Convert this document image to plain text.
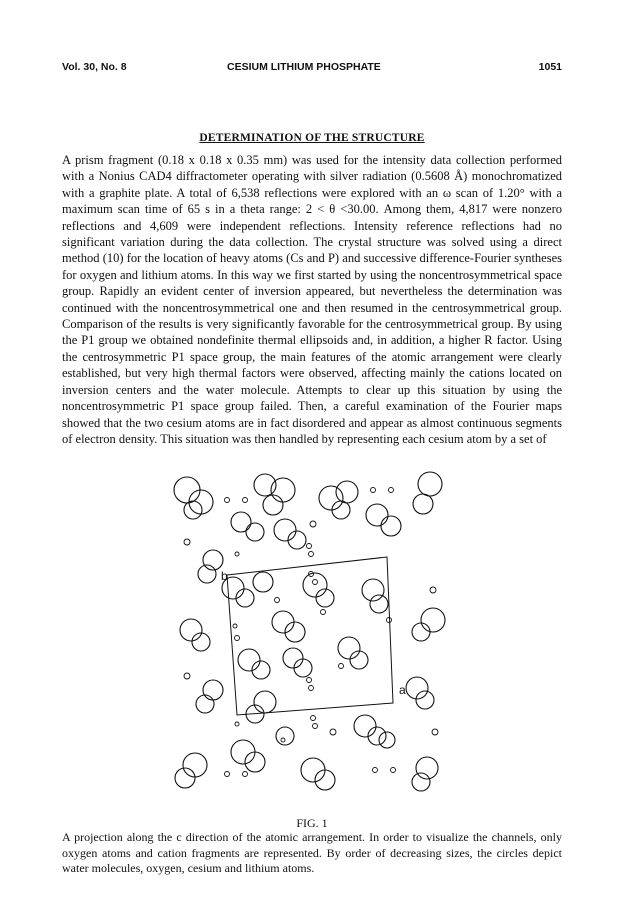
Vol. 30, No. 8	CESIUM LITHIUM PHOSPHATE	1051
DETERMINATION OF THE STRUCTURE

A prism fragment (0.18 x 0.18 x 0.35 mm) was used for the intensity data collection performed with a Nonius CAD4 diffractometer operating with silver radiation (0.5608 Å) monochromatized with a graphite plate. A total of 6,538 reflections were explored with an ω scan of 1.20° with a maximum scan time of 65 s in a theta range: 2 < θ <30.00. Among them, 4,817 were nonzero reflections and 4,609 were independent reflections. Intensity reference reflections had no significant variation during the data collection. The crystal structure was solved using a direct method (10) for the location of heavy atoms (Cs and P) and successive difference-Fourier syntheses for oxygen and lithium atoms. In this way we first started by using the noncentrosymmetrical space group. Rapidly an evident center of inversion appeared, but nevertheless the determination was continued with the noncentrosymmetrical one and then resumed in the centrosymmetrical group. Comparison of the results is very significantly favorable for the centrosymmetrical group. By using the P1 group we obtained nondefinite thermal ellipsoids and, in addition, a higher R factor. Using the centrosymmetric P1 space group, the main features of the atomic arrangement were clearly established, but very high thermal factors were observed, affecting mainly the cations located on inversion centers and the water molecule. Attempts to clear up this situation by using the noncentrosymmetric P1 space group failed. Then, a careful examination of the Fourier maps showed that the two cesium atoms are in fact disordered and appear as almost continuous segments of electron density. This situation was then handled by representing each cesium atom by a set of

b
a
FIG. 1

A projection along the c direction of the atomic arrangement. In order to visualize the channels, only oxygen atoms and cation fragments are represented. By order of decreasing sizes, the circles depict water molecules, oxygen, cesium and lithium atoms.
